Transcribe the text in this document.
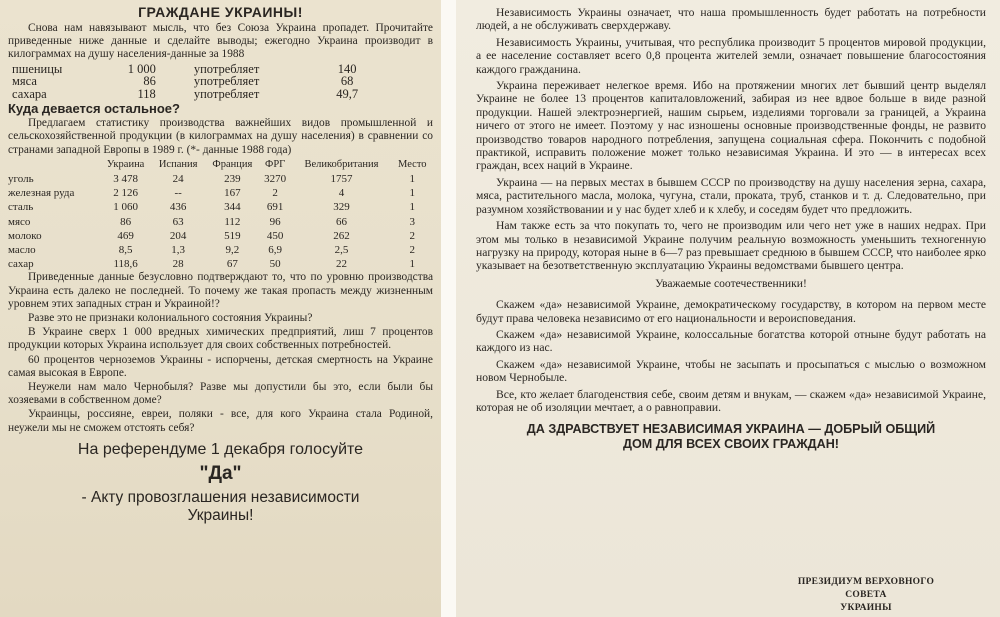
ГРАЖДАНЕ УКРАИНЫ!

Снова нам навязывают мысль, что без Союза Украина пропадет. Прочитайте приведенные ниже данные и сделайте выводы; ежегодно Украина производит в килограммах на душу населения-данные за 1988

пшеницы	1 000	употребляет	140
мяса	86	употребляет	68
сахара	118	употребляет	49,7
Куда девается остальное?

Предлагаем статистику производства важнейших видов промышленной и сельскохозяйственной продукции (в килограммах на душу населения) в сравнении со странами западной Европы в 1989 г. (*- данные 1988 года)

	Украина	Испания	Франция	ФРГ	Великобритания	Место
уголь	3 478	24	239	3270	1757	1
железная руда	2 126	--	167	2	4	1
сталь	1 060	436	344	691	329	1
мясо	86	63	112	96	66	3
молоко	469	204	519	450	262	2
масло	8,5	1,3	9,2	6,9	2,5	2
сахар	118,6	28	67	50	22	1

Приведенные данные безусловно подтверждают то, что по уровню производства Украина есть далеко не последней. То почему же такая пропасть между жизненным уровнем этих западных стран и Украиной!?

Разве это не признаки колониального состояния Украины?

В Украине сверх 1 000 вредных химических предприятий, лиш 7 процентов продукции которых Украина использует для своих собственных потребностей.

60 процентов черноземов Украины - испорчены, детская смертность на Украине самая высокая в Европе.

Неужели нам мало Чернобыля? Разве мы допустили бы это, если были бы хозяевами в собственном доме?

Украинцы, россияне, евреи, поляки - все, для кого Украина стала Родиной, неужели мы не сможем отстоять себя?

На референдуме 1 декабря голосуйте
"Да"
- Акту провозглашения независимости
Украины!

Независимость Украины означает, что наша промышленность будет работать на потребности людей, а не обслуживать сверхдержаву.

Независимость Украины, учитывая, что республика производит 5 процентов мировой продукции, а ее население составляет всего 0,8 процента жителей земли, означает повышение благосостояния каждого гражданина.

Украина переживает нелегкое время. Ибо на протяжении многих лет бывший центр выделял Украине не более 13 процентов капиталовложений, забирая из нее вдвое больше в виде разной продукции. Нашей электроэнергией, нашим сырьем, изделиями торговали за границей, а Украина ничего от этого не имеет. Поэтому у нас изношены основные производственные фонды, не развито производство товаров народного потребления, запущена социальная сфера. Покончить с подобной практикой, исправить положение может только независимая Украина. И это — в интересах всех граждан, всех наций в Украине.

Украина — на первых местах в бывшем СССР по производству на душу населения зерна, сахара, мяса, растительного масла, молока, чугуна, стали, проката, труб, станков и т. д. Следовательно, при разумном хозяйствовании и у нас будет хлеб и к хлебу, и соседям будет что предложить.

Нам также есть за что покупать то, чего не производим или чего нет уже в наших недрах. При этом мы только в независимой Украине получим реальную возможность уменьшить техногенную нагрузку на природу, которая ныне в 6—7 раз превышает среднюю в бывшем СССР, что наиболее ярко указывает на безответственную эксплуатацию Украины ведомствами бывшего центра.

Уважаемые соотечественники!

Скажем «да» независимой Украине, демократическому государству, в котором на первом месте будут права человека независимо от его национальности и вероисповедания.

Скажем «да» независимой Украине, колоссальные богатства которой отныне будут работать на каждого из нас.

Скажем «да» независимой Украине, чтобы не засыпать и просыпаться с мыслью о возможном новом Чернобыле.

Все, кто желает благоденствия себе, своим детям и внукам, — скажем «да» независимой Украине, которая не об изоляции мечтает, а о равноправии.

ДА ЗДРАВСТВУЕТ НЕЗАВИСИМАЯ УКРАИНА — ДОБРЫЙ ОБЩИЙ
ДОМ ДЛЯ ВСЕХ СВОИХ ГРАЖДАН!
ПРЕЗИДИУМ ВЕРХОВНОГО СОВЕТА
УКРАИНЫ
